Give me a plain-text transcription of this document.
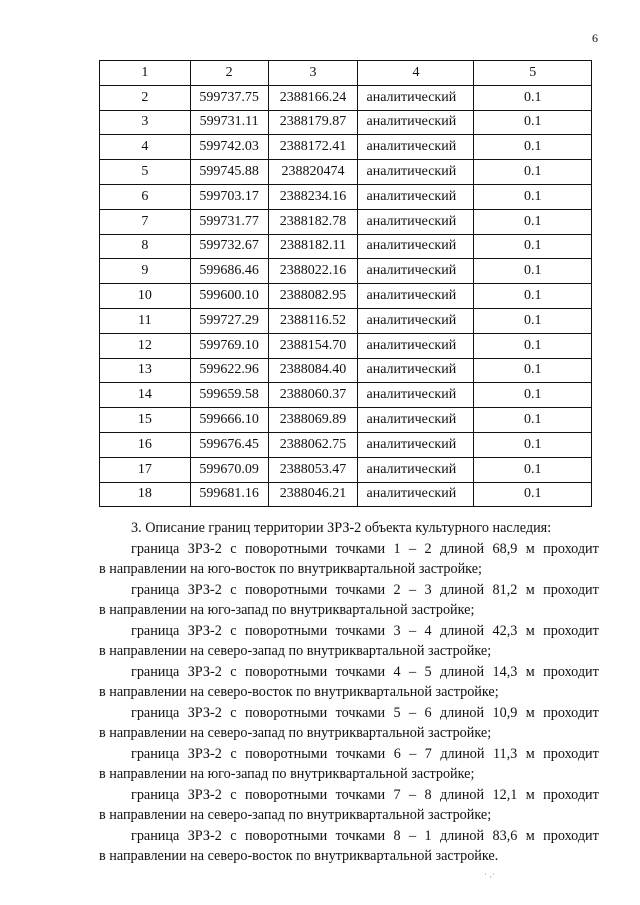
6
1	2	3	4	5
2	599737.75	2388166.24	аналитический	0.1
3	599731.11	2388179.87	аналитический	0.1
4	599742.03	2388172.41	аналитический	0.1
5	599745.88	238820474	аналитический	0.1
6	599703.17	2388234.16	аналитический	0.1
7	599731.77	2388182.78	аналитический	0.1
8	599732.67	2388182.11	аналитический	0.1
9	599686.46	2388022.16	аналитический	0.1
10	599600.10	2388082.95	аналитический	0.1
11	599727.29	2388116.52	аналитический	0.1
12	599769.10	2388154.70	аналитический	0.1
13	599622.96	2388084.40	аналитический	0.1
14	599659.58	2388060.37	аналитический	0.1
15	599666.10	2388069.89	аналитический	0.1
16	599676.45	2388062.75	аналитический	0.1
17	599670.09	2388053.47	аналитический	0.1
18	599681.16	2388046.21	аналитический	0.1

3. Описание границ территории ЗРЗ-2 объекта культурного наследия:

граница ЗРЗ-2 с поворотными точками 1 – 2 длиной 68,9 м проходит

в направлении на юго-восток по внутриквартальной застройке;

граница ЗРЗ-2 с поворотными точками 2 – 3 длиной 81,2 м проходит

в направлении на юго-запад по внутриквартальной застройке;

граница ЗРЗ-2 с поворотными точками 3 – 4 длиной 42,3 м проходит

в направлении на северо-запад по внутриквартальной застройке;

граница ЗРЗ-2 с поворотными точками 4 – 5 длиной 14,3 м проходит

в направлении на северо-восток по внутриквартальной застройке;

граница ЗРЗ-2 с поворотными точками 5 – 6 длиной 10,9 м проходит

в направлении на северо-запад по внутриквартальной застройке;

граница ЗРЗ-2 с поворотными точками 6 – 7 длиной 11,3 м проходит

в направлении на юго-запад по внутриквартальной застройке;

граница ЗРЗ-2 с поворотными точками 7 – 8 длиной 12,1 м проходит

в направлении на северо-запад по внутриквартальной застройке;

граница ЗРЗ-2 с поворотными точками 8 – 1 длиной 83,6 м проходит

в направлении на северо-восток по внутриквартальной застройке.

˙ ·˙
